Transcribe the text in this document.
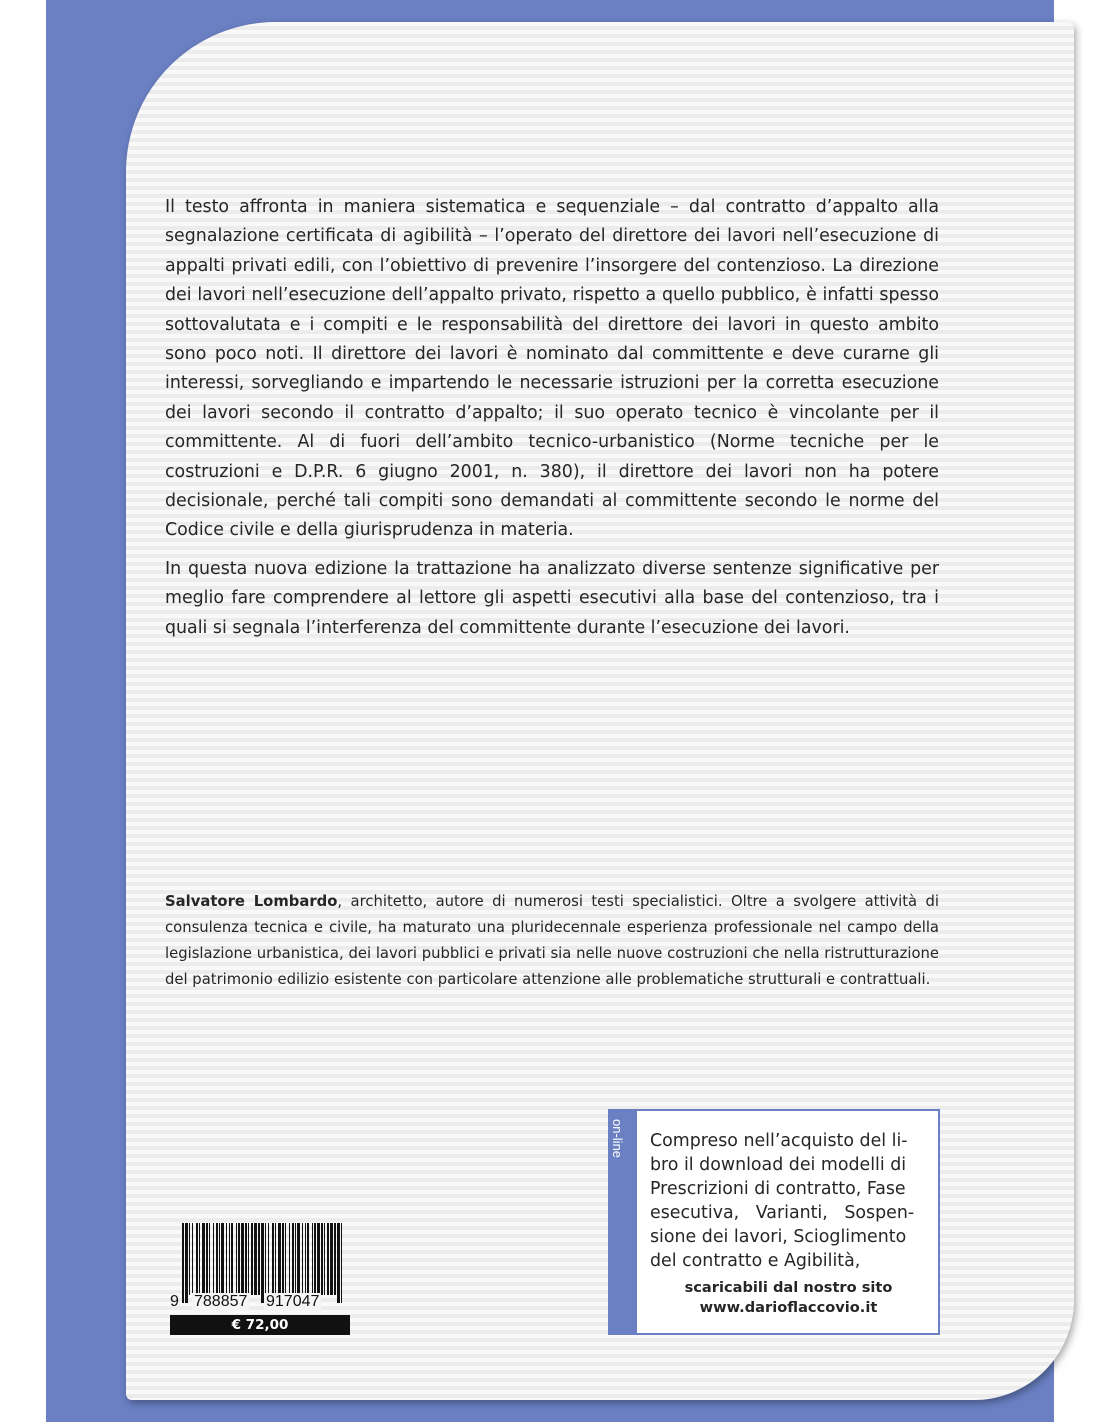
Il testo affronta in maniera sistematica e sequenziale – dal contratto d’appalto alla segnalazione certificata di agibilità – l’operato del direttore dei lavori nell’esecuzione di appalti privati edili, con l’obiettivo di prevenire l’insorgere del contenzioso. La direzione dei lavori nell’esecuzione dell’appalto privato, rispetto a quello pubblico, è infatti spesso sottovalutata e i compiti e le responsabilità del direttore dei lavori in questo ambito sono poco noti. Il direttore dei lavori è nominato dal committente e deve curarne gli interessi, sorvegliando e impartendo le necessarie istruzioni per la corretta esecuzione dei lavori secondo il contratto d’appalto; il suo operato tecnico è vincolante per il committente. Al di fuori dell’ambito tecnico-urbanistico (Norme tecniche per le costruzioni e D.P.R. 6 giugno 2001, n. 380), il direttore dei lavori non ha potere decisionale, perché tali compiti sono demandati al committente secondo le norme del Codice civile e della giurisprudenza in materia.

In questa nuova edizione la trattazione ha analizzato diverse sentenze significative per meglio fare comprendere al lettore gli aspetti esecutivi alla base del contenzioso, tra i quali si segnala l’interferenza del committente durante l’esecuzione dei lavori.

Salvatore Lombardo, architetto, autore di numerosi testi specialistici. Oltre a svolgere attività di consulenza tecnica e civile, ha maturato una pluridecennale esperienza professionale nel campo della legislazione urbanistica, dei lavori pubblici e privati sia nelle nuove costruzioni che nella ristrutturazione del patrimonio edilizio esistente con particolare attenzione alle problematiche strutturali e contrattuali.
on-line Compreso nell’acquisto del li-

bro il download dei modelli di

Prescrizioni di contratto, Fase

esecutiva,   Varianti,   Sospen-

sione dei lavori, Scioglimento

del contratto e Agibilità,

scaricabili dal nostro sito
www.darioflaccovio.it
9 788857 917047
€ 72,00
